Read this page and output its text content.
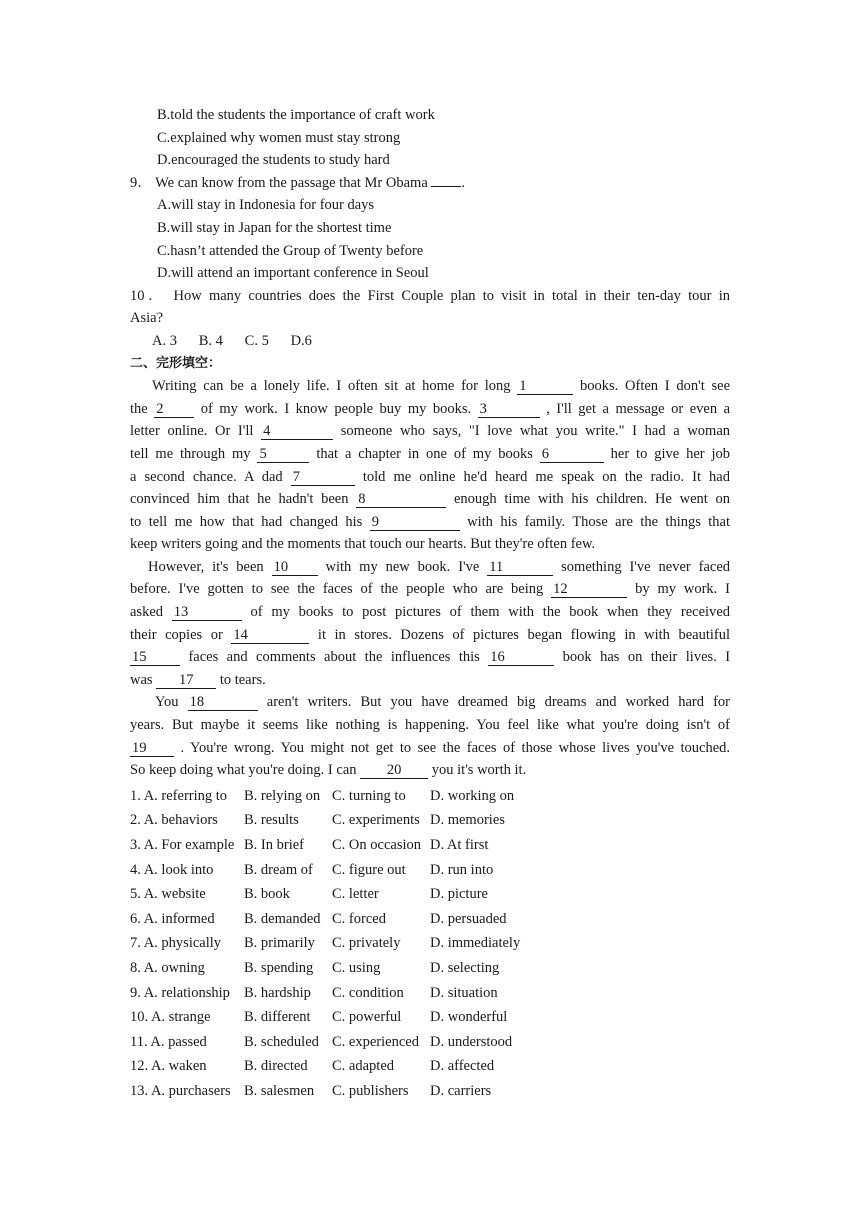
B.told the students the importance of craft work
C.explained why women must stay strong
D.encouraged the students to study hard
9． We can know from the passage that Mr Obama .
A.will stay in Indonesia for four days
B.will stay in Japan for the shortest time
C.hasn’t attended the Group of Twenty before
D.will attend an important conference in Seoul
10． How many countries does the First Couple plan to visit in total in their ten-day tour in
Asia?
A. 3 B. 4 C. 5 D.6
二、完形填空：
Writing can be a lonely life. I often sit at home for long 1	books. Often I don't see
the 2	of my work. I know people buy my books. 3	, I'll get a message or even a
letter online. Or I'll 4	someone who says, "I love what you write." I had a woman
tell me through my 5	that a chapter in one of my books 6	her to give her job
a second chance. A dad 7	told me online he'd heard me speak on the radio. It had
convinced him that he hadn't been 8	enough time with his children. He went on
to tell me how that had changed his 9	with his family. Those are the things that
keep writers going and the moments that touch our hearts. But they're often few.
However, it's been 10	with my new book. I've 11	something I've never faced
before. I've gotten to see the faces of the people who are being 12	by my work. I
asked 13	of my books to post pictures of them with the book when they received
their copies or 14	it in stores. Dozens of pictures began flowing in with beautiful
15	faces and comments about the influences this 16	book has on their lives. I
was 17 to tears.
You 18	aren't writers. But you have dreamed big dreams and worked hard for
years. But maybe it seems like nothing is happening. You feel like what you're doing isn't of
19 . You're wrong. You might not get to see the faces of those whose lives you've touched.
So keep doing what you're doing. I can 20 you it's worth it.
1. A. referring to B. relying on C. turning to D. working on
2. A. behaviors B. results C. experiments D. memories
3. A. For example B. In brief C. On occasion D. At first
4. A. look into B. dream of C. figure out D. run into
5. A. website	B. book	C. letter	D. picture
6. A. informed B. demanded C. forced	D. persuaded
7. A. physically B. primarily C. privately D. immediately
8. A. owning	B. spending C. using	D. selecting
9. A. relationship B. hardship C. condition D. situation
10. A. strange B. different C. powerful D. wonderful
11. A. passed	B. scheduled C. experienced D. understood
12. A. waken	B. directed C. adapted D. affected
13. A. purchasers B. salesmen C. publishers D. carriers
